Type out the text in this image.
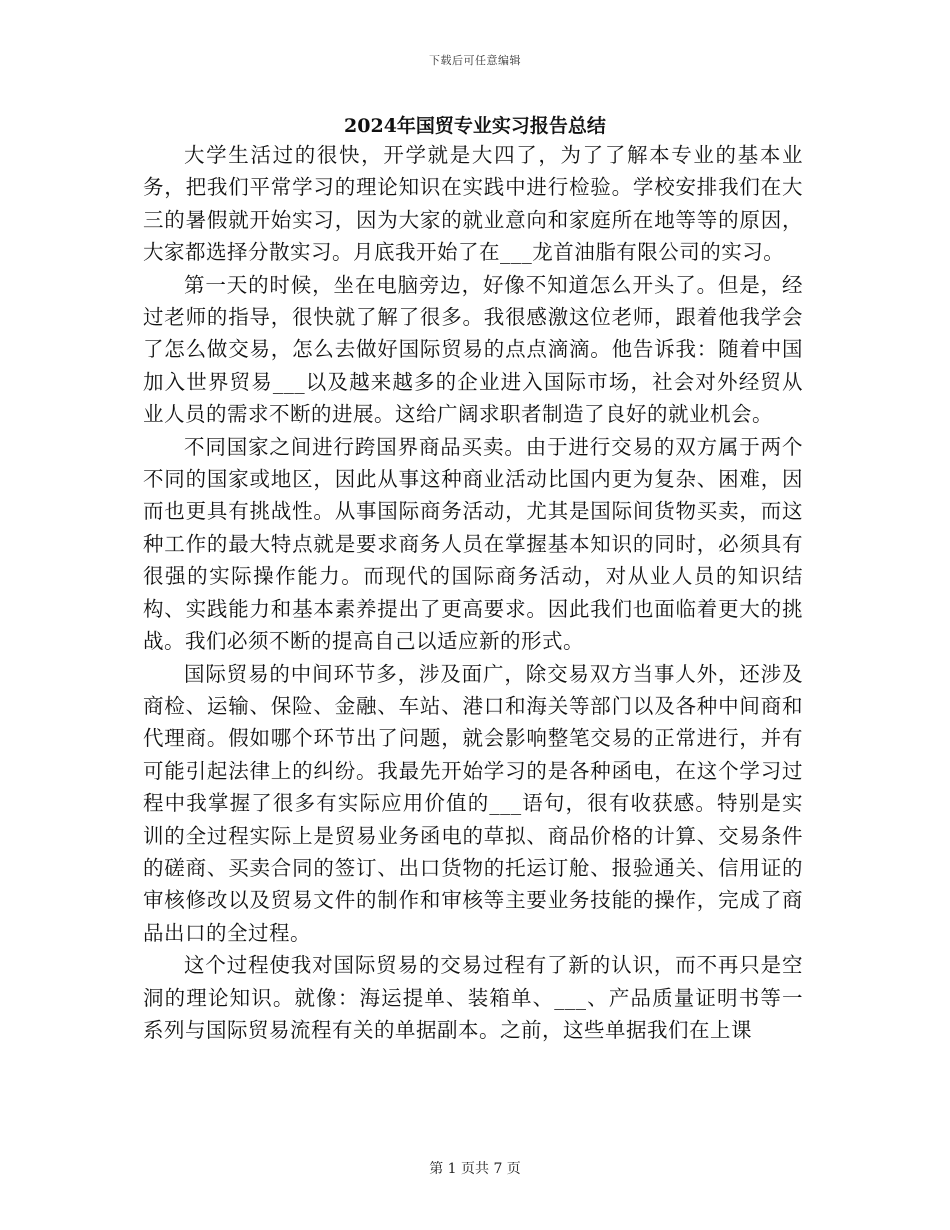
下载后可任意编辑
2024年国贸专业实习报告总结

大学生活过的很快，开学就是大四了，为了了解本专业的基本业务，把我们平常学习的理论知识在实践中进行检验。学校安排我们在大三的暑假就开始实习，因为大家的就业意向和家庭所在地等等的原因，大家都选择分散实习。月底我开始了在___龙首油脂有限公司的实习。

第一天的时候，坐在电脑旁边，好像不知道怎么开头了。但是，经过老师的指导，很快就了解了很多。我很感激这位老师，跟着他我学会了怎么做交易，怎么去做好国际贸易的点点滴滴。他告诉我：随着中国加入世界贸易___以及越来越多的企业进入国际市场，社会对外经贸从业人员的需求不断的进展。这给广阔求职者制造了良好的就业机会。

不同国家之间进行跨国界商品买卖。由于进行交易的双方属于两个不同的国家或地区，因此从事这种商业活动比国内更为复杂、困难，因而也更具有挑战性。从事国际商务活动，尤其是国际间货物买卖，而这种工作的最大特点就是要求商务人员在掌握基本知识的同时，必须具有很强的实际操作能力。而现代的国际商务活动，对从业人员的知识结构、实践能力和基本素养提出了更高要求。因此我们也面临着更大的挑战。我们必须不断的提高自己以适应新的形式。

国际贸易的中间环节多，涉及面广，除交易双方当事人外，还涉及商检、运输、保险、金融、车站、港口和海关等部门以及各种中间商和代理商。假如哪个环节出了问题，就会影响整笔交易的正常进行，并有可能引起法律上的纠纷。我最先开始学习的是各种函电，在这个学习过程中我掌握了很多有实际应用价值的___语句，很有收获感。特别是实训的全过程实际上是贸易业务函电的草拟、商品价格的计算、交易条件的磋商、买卖合同的签订、出口货物的托运订舱、报验通关、信用证的审核修改以及贸易文件的制作和审核等主要业务技能的操作，完成了商品出口的全过程。

这个过程使我对国际贸易的交易过程有了新的认识，而不再只是空洞的理论知识。就像：海运提单、装箱单、___、产品质量证明书等一系列与国际贸易流程有关的单据副本。之前，这些单据我们在上课

第 1 页共 7 页
